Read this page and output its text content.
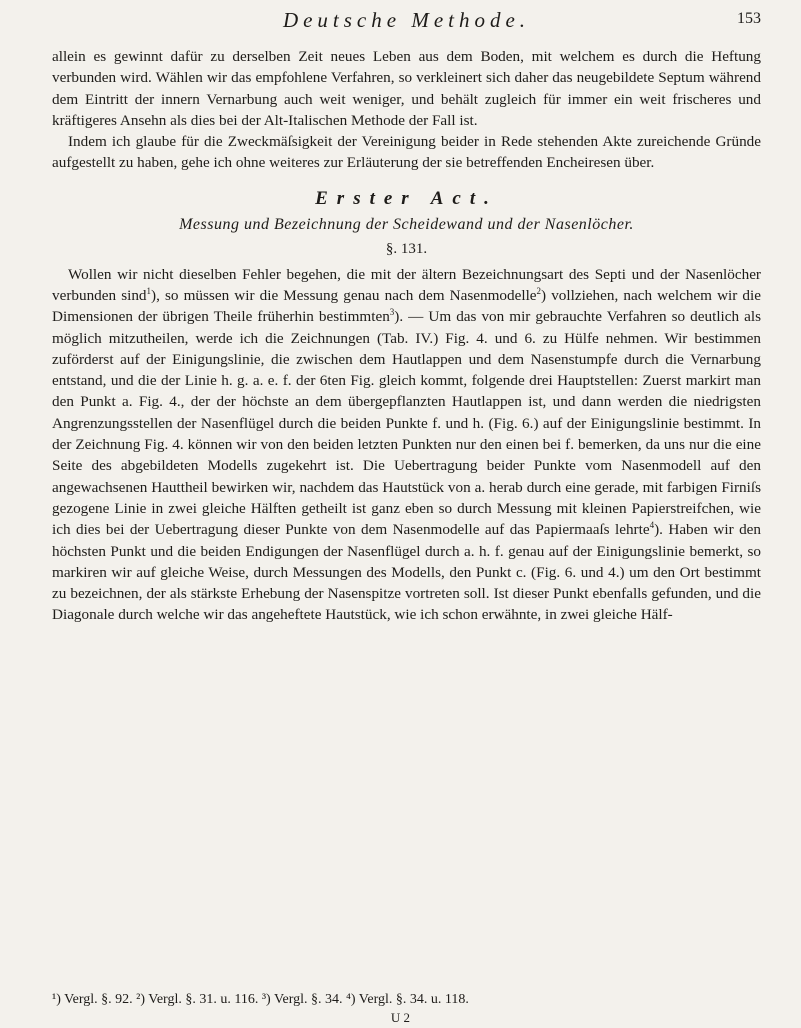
Deutsche Methode.	153

allein es gewinnt dafür zu derselben Zeit neues Leben aus dem Boden, mit welchem es durch die Heftung verbunden wird. Wählen wir das empfohlene Verfahren, so verkleinert sich daher das neugebildete Septum während dem Eintritt der innern Vernarbung auch weit weniger, und behält zugleich für immer ein weit frischeres und kräftigeres Ansehn als dies bei der Alt-Italischen Methode der Fall ist.

Indem ich glaube für die Zweckmäſsigkeit der Vereinigung beider in Rede stehenden Akte zureichende Gründe aufgestellt zu haben, gehe ich ohne weiteres zur Erläuterung der sie betreffenden Encheiresen über.

Erster Act.

Messung und Bezeichnung der Scheidewand und der Nasenlöcher.

§. 131.

Wollen wir nicht dieselben Fehler begehen, die mit der ältern Bezeichnungsart des Septi und der Nasenlöcher verbunden sind$^1$), so müssen wir die Messung genau nach dem Nasenmodelle$^2$) vollziehen, nach welchem wir die Dimensionen der übrigen Theile früherhin bestimmten$^3$). — Um das von mir gebrauchte Verfahren so deutlich als möglich mitzutheilen, werde ich die Zeichnungen (Tab. IV.) Fig. 4. und 6. zu Hülfe nehmen. Wir bestimmen zuförderst auf der Einigungslinie, die zwischen dem Hautlappen und dem Nasenstumpfe durch die Vernarbung entstand, und die der Linie h. g. a. e. f. der 6ten Fig. gleich kommt, folgende drei Hauptstellen: Zuerst markirt man den Punkt a. Fig. 4., der der höchste an dem übergepflanzten Hautlappen ist, und dann werden die niedrigsten Angrenzungsstellen der Nasenflügel durch die beiden Punkte f. und h. (Fig. 6.) auf der Einigungslinie bestimmt. In der Zeichnung Fig. 4. können wir von den beiden letzten Punkten nur den einen bei f. bemerken, da uns nur die eine Seite des abgebildeten Modells zugekehrt ist. Die Uebertragung beider Punkte vom Nasenmodell auf den angewachsenen Hauttheil bewirken wir, nachdem das Hautstück von a. herab durch eine gerade, mit farbigen Firniſs gezogene Linie in zwei gleiche Hälften getheilt ist ganz eben so durch Messung mit kleinen Papierstreifchen, wie ich dies bei der Uebertragung dieser Punkte von dem Nasenmodelle auf das Papiermaaſs lehrte$^4$). Haben wir den höchsten Punkt und die beiden Endigungen der Nasenflügel durch a. h. f. genau auf der Einigungslinie bemerkt, so markiren wir auf gleiche Weise, durch Messungen des Modells, den Punkt c. (Fig. 6. und 4.) um den Ort bestimmt zu bezeichnen, der als stärkste Erhebung der Nasenspitze vortreten soll. Ist dieser Punkt ebenfalls gefunden, und die Diagonale durch welche wir das angeheftete Hautstück, wie ich schon erwähnte, in zwei gleiche Hälf-

¹) Vergl. §. 92. ²) Vergl. §. 31. u. 116. ³) Vergl. §. 34. ⁴) Vergl. §. 34. u. 118.
U 2
